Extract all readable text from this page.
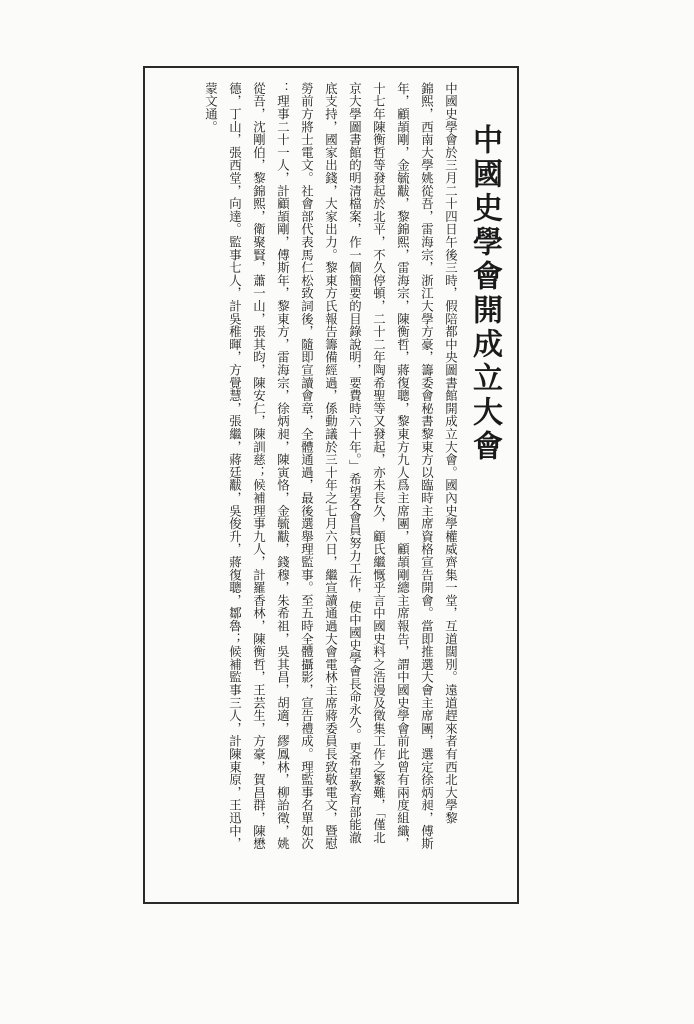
中國史學會開成立大會
中國史學會於三月二十四日午後三時，假陪都中央圖書館開成立大會。國內史學權威齊集一堂，互道闊別。遠道趕來者有西北大學黎
錦熙，西南大學姚從吾，雷海宗，浙江大學方豪，籌委會秘書黎東方以臨時主席資格宣告開會。當即推選大會主席團，選定徐炳昶，傅斯
年，顧頡剛，金毓黻，黎錦熙，雷海宗，陳衡哲，蔣復聰，黎東方九人爲主席團，顧頡剛總主席報告，謂中國史學會前此曾有兩度組織，
十七年陳衡哲等發起於北平，不久停頓，二十二年陶希聖等又發起，亦未長久，顧氏繼慨乎言中國史料之浩漫及徵集工作之繁難，「僅北
京大學圖書館的明清檔案，作一個簡要的目錄說明，要費時六十年。」希望各會員努力工作，使中國史學會長命永久。更希望教育部能澈
底支持，國家出錢，大家出力。黎東方氏報告籌備經過，係動議於三十年之七月六日，繼宣讀通過大會電林主席蔣委員長致敬電文，暨慰
勞前方將士電文。社會部代表馬仁松致詞後，隨即宣讀會章，全體通過，最後選舉理監事。至五時全體攝影，宣告禮成。理監事名單如次
：理事二十一人，計顧頡剛，傅斯年，黎東方，雷海宗，徐炳昶，陳寅恪，金毓黻，錢穆，朱希祖，吳其昌，胡適，繆鳳林，柳詒徵，姚
從吾，沈剛伯，黎錦熙，衛聚賢，蕭一山，張其昀，陳安仁，陳訓慈；候補理事九人，計羅香林，陳衡哲，王芸生，方豪，賀昌群，陳懋
德，丁山，張西堂，向達。監事七人，計吳稚暉，方覺慧，張繼，蔣廷黻，吳俊升，蔣復聰，鄒魯；候補監事三人，計陳東原，王迅中，
蒙文通。
